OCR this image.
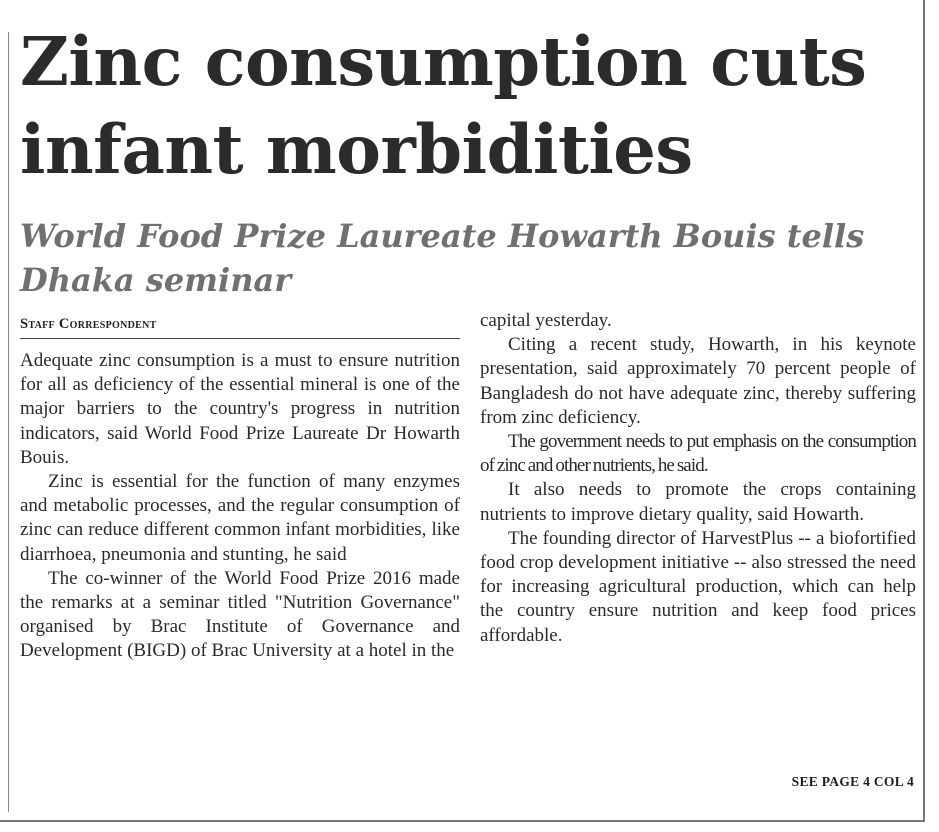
Zinc consumption cuts infant morbidities
World Food Prize Laureate Howarth Bouis tells Dhaka seminar
Staff Correspondent

Adequate zinc consumption is a must to ensure nutrition for all as deficiency of the essential mineral is one of the major barriers to the country's progress in nutrition indicators, said World Food Prize Laureate Dr Howarth Bouis.

Zinc is essential for the function of many enzymes and metabolic processes, and the regular consumption of zinc can reduce different common infant morbidities, like diarrhoea, pneumonia and stunting, he said

The co-winner of the World Food Prize 2016 made the remarks at a seminar titled "Nutrition Governance" organised by Brac Institute of Governance and Development (BIGD) of Brac University at a hotel in the

capital yesterday.

Citing a recent study, Howarth, in his keynote presentation, said approximately 70 percent people of Bangladesh do not have adequate zinc, thereby suffering from zinc deficiency.

The government needs to put emphasis on the consumption of zinc and other nutrients, he said.

It also needs to promote the crops containing nutrients to improve dietary quality, said Howarth.

The founding director of HarvestPlus -- a biofortified food crop development initiative -- also stressed the need for increasing agricultural production, which can help the country ensure nutrition and keep food prices affordable.

SEE PAGE 4 COL 4
